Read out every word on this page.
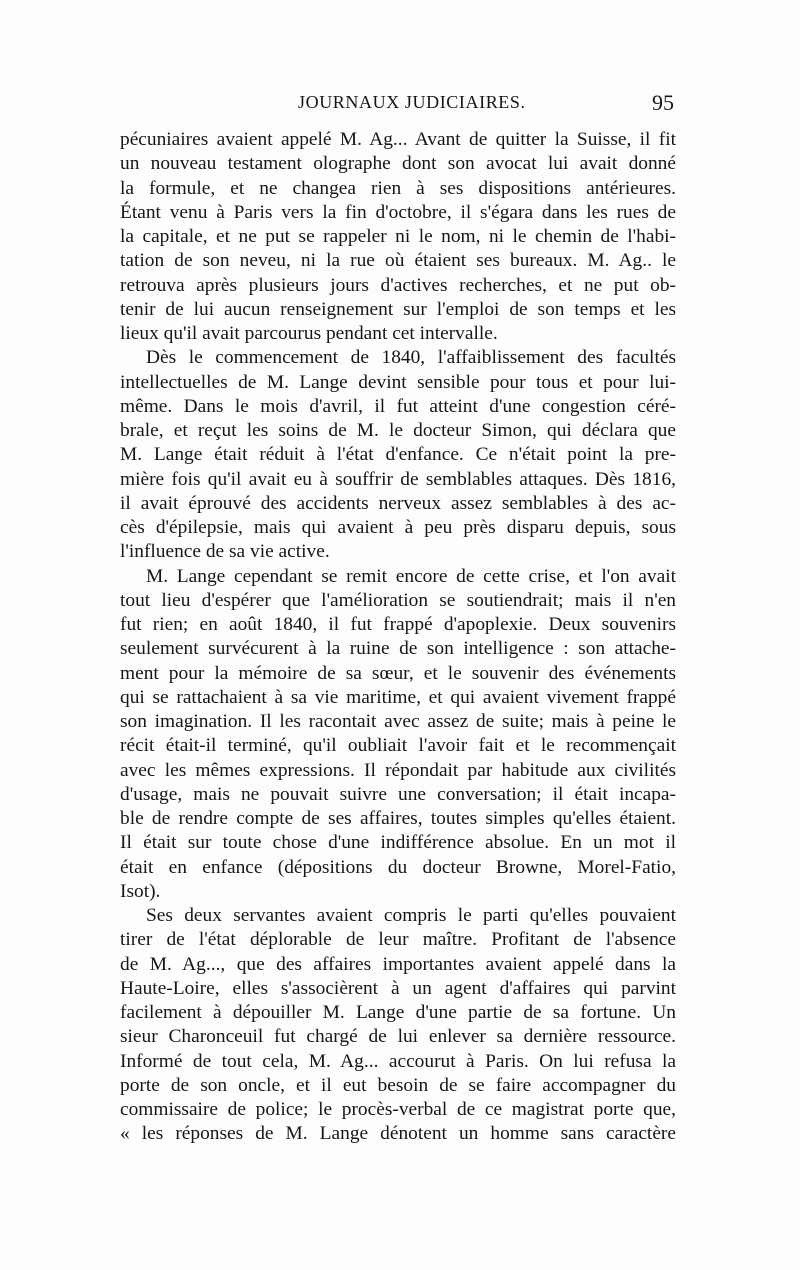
JOURNAUX JUDICIAIRES.	95
pécuniaires avaient appelé M. Ag... Avant de quitter la Suisse, il fit
un nouveau testament olographe dont son avocat lui avait donné
la formule, et ne changea rien à ses dispositions antérieures.
Étant venu à Paris vers la fin d'octobre, il s'égara dans les rues de
la capitale, et ne put se rappeler ni le nom, ni le chemin de l'habi-
tation de son neveu, ni la rue où étaient ses bureaux. M. Ag.. le
retrouva après plusieurs jours d'actives recherches, et ne put ob-
tenir de lui aucun renseignement sur l'emploi de son temps et les
lieux qu'il avait parcourus pendant cet intervalle.
Dès le commencement de 1840, l'affaiblissement des facultés
intellectuelles de M. Lange devint sensible pour tous et pour lui-
même. Dans le mois d'avril, il fut atteint d'une congestion céré-
brale, et reçut les soins de M. le docteur Simon, qui déclara que
M. Lange était réduit à l'état d'enfance. Ce n'était point la pre-
mière fois qu'il avait eu à souffrir de semblables attaques. Dès 1816,
il avait éprouvé des accidents nerveux assez semblables à des ac-
cès d'épilepsie, mais qui avaient à peu près disparu depuis, sous
l'influence de sa vie active.
M. Lange cependant se remit encore de cette crise, et l'on avait
tout lieu d'espérer que l'amélioration se soutiendrait; mais il n'en
fut rien; en août 1840, il fut frappé d'apoplexie. Deux souvenirs
seulement survécurent à la ruine de son intelligence : son attache-
ment pour la mémoire de sa sœur, et le souvenir des événements
qui se rattachaient à sa vie maritime, et qui avaient vivement frappé
son imagination. Il les racontait avec assez de suite; mais à peine le
récit était-il terminé, qu'il oubliait l'avoir fait et le recommençait
avec les mêmes expressions. Il répondait par habitude aux civilités
d'usage, mais ne pouvait suivre une conversation; il était incapa-
ble de rendre compte de ses affaires, toutes simples qu'elles étaient.
Il était sur toute chose d'une indifférence absolue. En un mot il
était en enfance (dépositions du docteur Browne, Morel-Fatio,
Isot).
Ses deux servantes avaient compris le parti qu'elles pouvaient
tirer de l'état déplorable de leur maître. Profitant de l'absence
de M. Ag..., que des affaires importantes avaient appelé dans la
Haute-Loire, elles s'associèrent à un agent d'affaires qui parvint
facilement à dépouiller M. Lange d'une partie de sa fortune. Un
sieur Charonceuil fut chargé de lui enlever sa dernière ressource.
Informé de tout cela, M. Ag... accourut à Paris. On lui refusa la
porte de son oncle, et il eut besoin de se faire accompagner du
commissaire de police; le procès-verbal de ce magistrat porte que,
« les réponses de M. Lange dénotent un homme sans caractère
